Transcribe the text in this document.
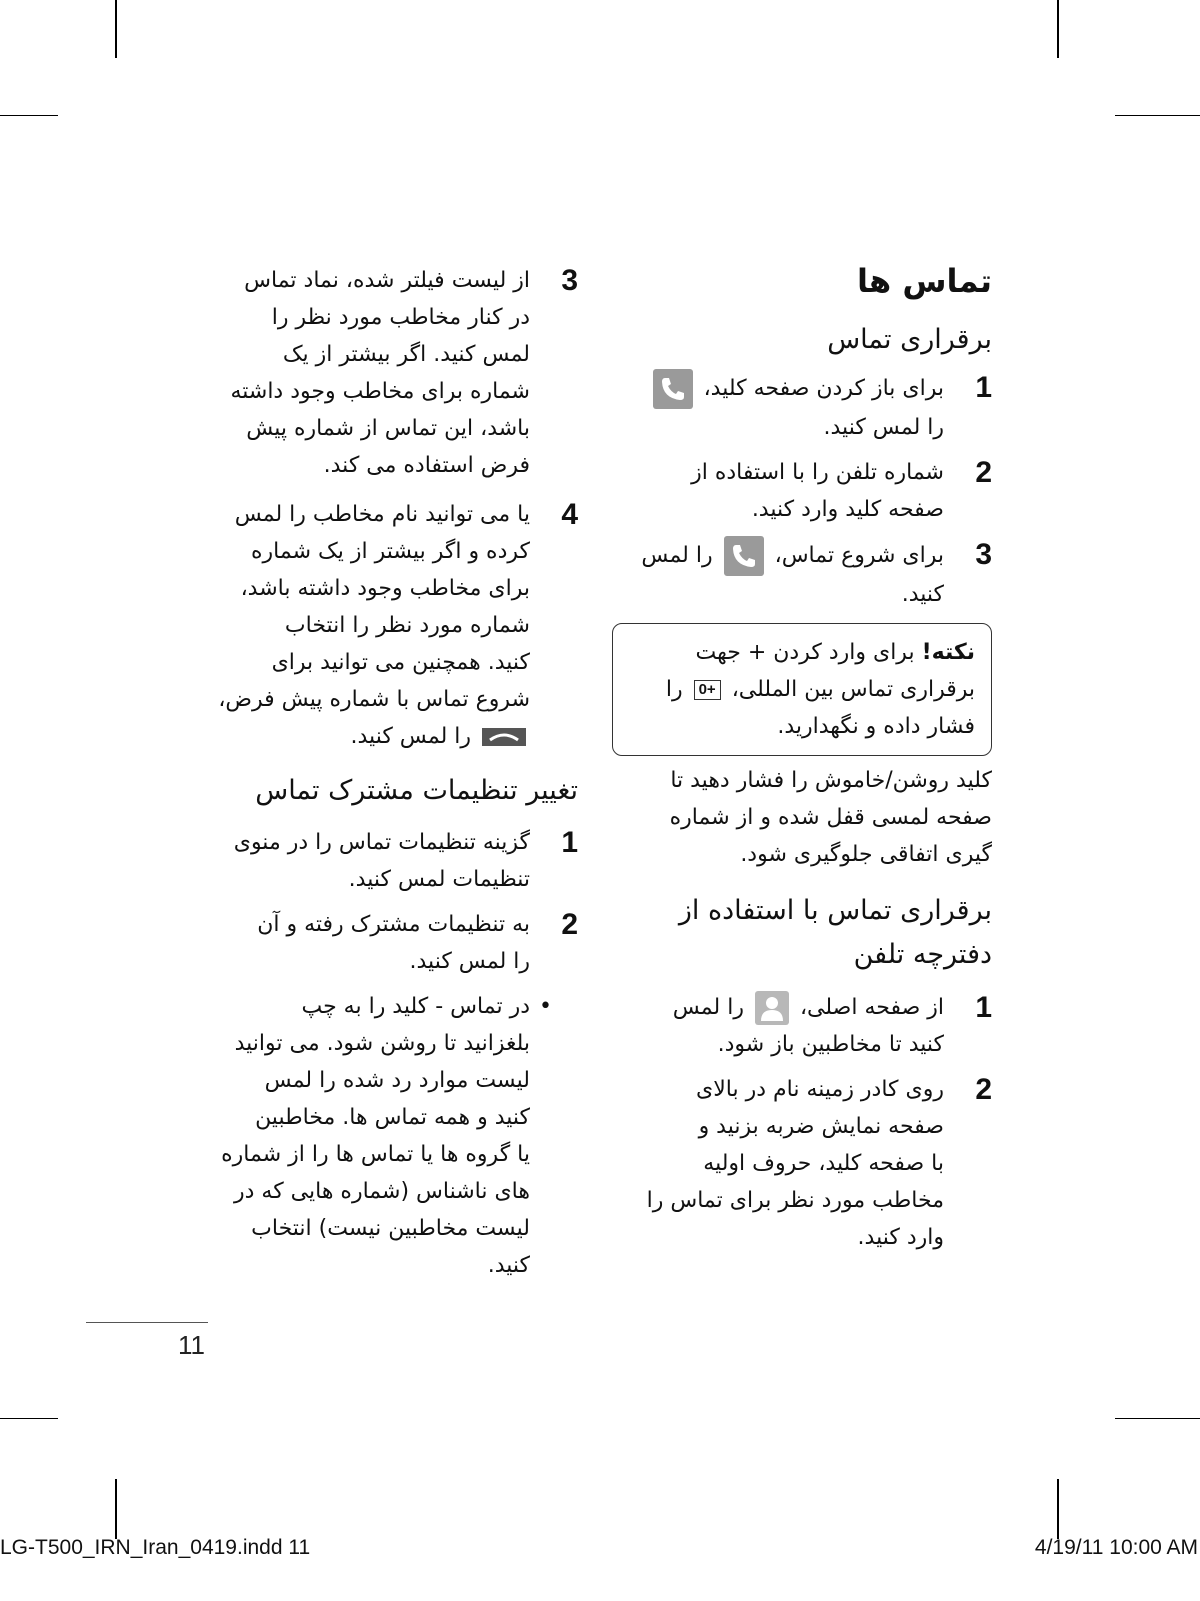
تماس ها
برقراری تماس
1
برای باز کردن صفحه کلید،
را لمس کنید.
2
شماره تلفن را با استفاده از
صفحه کلید وارد کنید.
3
برای شروع تماس،
را لمس
کنید.
نکته! برای وارد کردن + جهت
برقراری تماس بین المللی، 0+ را
فشار داده و نگهدارید.
کلید روشن/خاموش را فشار دهید تا
صفحه لمسی قفل شده و از شماره
گیری اتفاقی جلوگیری شود.
برقراری تماس با استفاده از
دفترچه تلفن
1
از صفحه اصلی،
را لمس
کنید تا مخاطبین باز شود.
2
روی کادر زمینه نام در بالای
صفحه نمایش ضربه بزنید و
با صفحه کلید، حروف اولیه
مخاطب مورد نظر برای تماس را
وارد کنید.
3
از لیست فیلتر شده، نماد تماس
در کنار مخاطب مورد نظر را
لمس کنید. اگر بیشتر از یک
شماره برای مخاطب وجود داشته
باشد، این تماس از شماره پیش
فرض استفاده می کند.
4
یا می توانید نام مخاطب را لمس
کرده و اگر بیشتر از یک شماره
برای مخاطب وجود داشته باشد،
شماره مورد نظر را انتخاب
کنید. همچنین می توانید برای
شروع تماس با شماره پیش فرض،
را لمس کنید.
تغییر تنظیمات مشترک تماس
1
گزینه تنظیمات تماس را در منوی
تنظیمات لمس کنید.
2
به تنظیمات مشترک رفته و آن
را لمس کنید.
•
در تماس - کلید را به چپ
بلغزانید تا روشن شود. می توانید
لیست موارد رد شده را لمس
کنید و همه تماس ها. مخاطبین
یا گروه ها یا تماس ها را از شماره
های ناشناس (شماره هایی که در
لیست مخاطبین نیست) انتخاب
کنید.
11
LG-T500_IRN_Iran_0419.indd 11	4/19/11 10:00 AM
